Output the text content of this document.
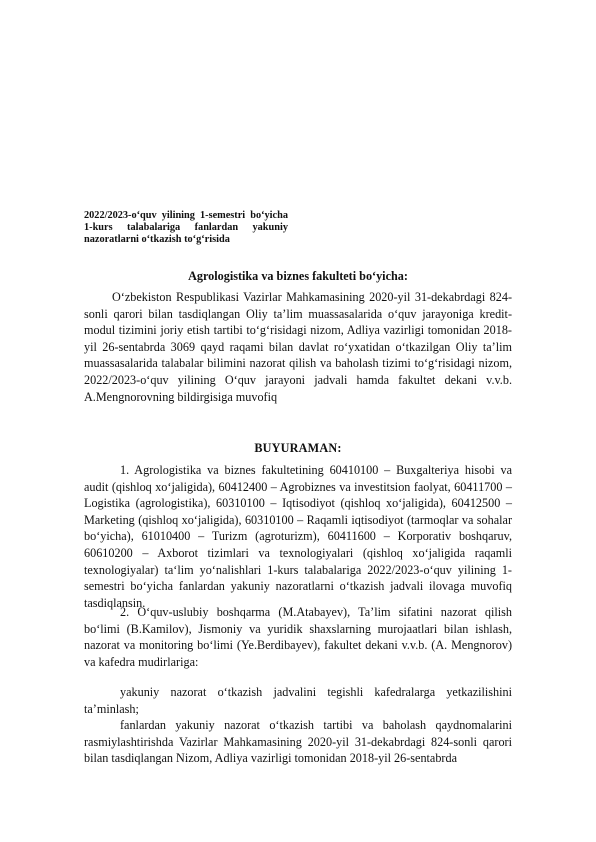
2022/2023-o‘quv yilining 1-semestri bo‘yicha 1-kurs talabalariga fanlardan yakuniy nazoratlarni o‘tkazish to‘g‘risida
Agrologistika va biznes fakulteti bo‘yicha:

O‘zbekiston Respublikasi Vazirlar Mahkamasining 2020-yil 31-dekabrdagi 824-sonli qarori bilan tasdiqlangan Oliy ta’lim muassasalarida o‘quv jarayoniga kredit-modul tizimini joriy etish tartibi to‘g‘risidagi nizom, Adliya vazirligi tomonidan 2018-yil 26-sentabrda 3069 qayd raqami bilan davlat ro‘yxatidan o‘tkazilgan Oliy ta’lim muassasalarida talabalar bilimini nazorat qilish va baholash tizimi to‘g‘risidagi nizom, 2022/2023-o‘quv yilining O‘quv jarayoni jadvali hamda fakultet dekani v.v.b. A.Mengnorovning bildirgisiga muvofiq

BUYURAMAN:

1. Agrologistika va biznes fakultetining 60410100 – Buxgalteriya hisobi va audit (qishloq xo‘jaligida), 60412400 – Agrobiznes va investitsion faolyat, 60411700 – Logistika (agrologistika), 60310100 – Iqtisodiyot (qishloq xo‘jaligida), 60412500 – Marketing (qishloq xo‘jaligida), 60310100 – Raqamli iqtisodiyot (tarmoqlar va sohalar bo‘yicha), 61010400 – Turizm (agroturizm), 60411600 – Korporativ boshqaruv, 60610200 – Axborot tizimlari va texnologiyalari (qishloq xo‘jaligida raqamli texnologiyalar) ta‘lim yo‘nalishlari 1-kurs talabalariga 2022/2023-o‘quv yilining 1-semestri bo‘yicha fanlardan yakuniy nazoratlarni o‘tkazish jadvali ilovaga muvofiq tasdiqlansin.

2. O‘quv-uslubiy boshqarma (M.Atabayev), Ta’lim sifatini nazorat qilish bo‘limi (B.Kamilov), Jismoniy va yuridik shaxslarning murojaatlari bilan ishlash, nazorat va monitoring bo‘limi (Ye.Berdibayev), fakultet dekani v.v.b. (A. Mengnorov) va kafedra mudirlariga:

yakuniy nazorat o‘tkazish jadvalini tegishli kafedralarga yetkazilishini ta’minlash;

fanlardan yakuniy nazorat o‘tkazish tartibi va baholash qaydnomalarini rasmiylashtirishda Vazirlar Mahkamasining 2020-yil 31-dekabrdagi 824-sonli qarori bilan tasdiqlangan Nizom, Adliya vazirligi tomonidan 2018-yil 26-sentabrda
